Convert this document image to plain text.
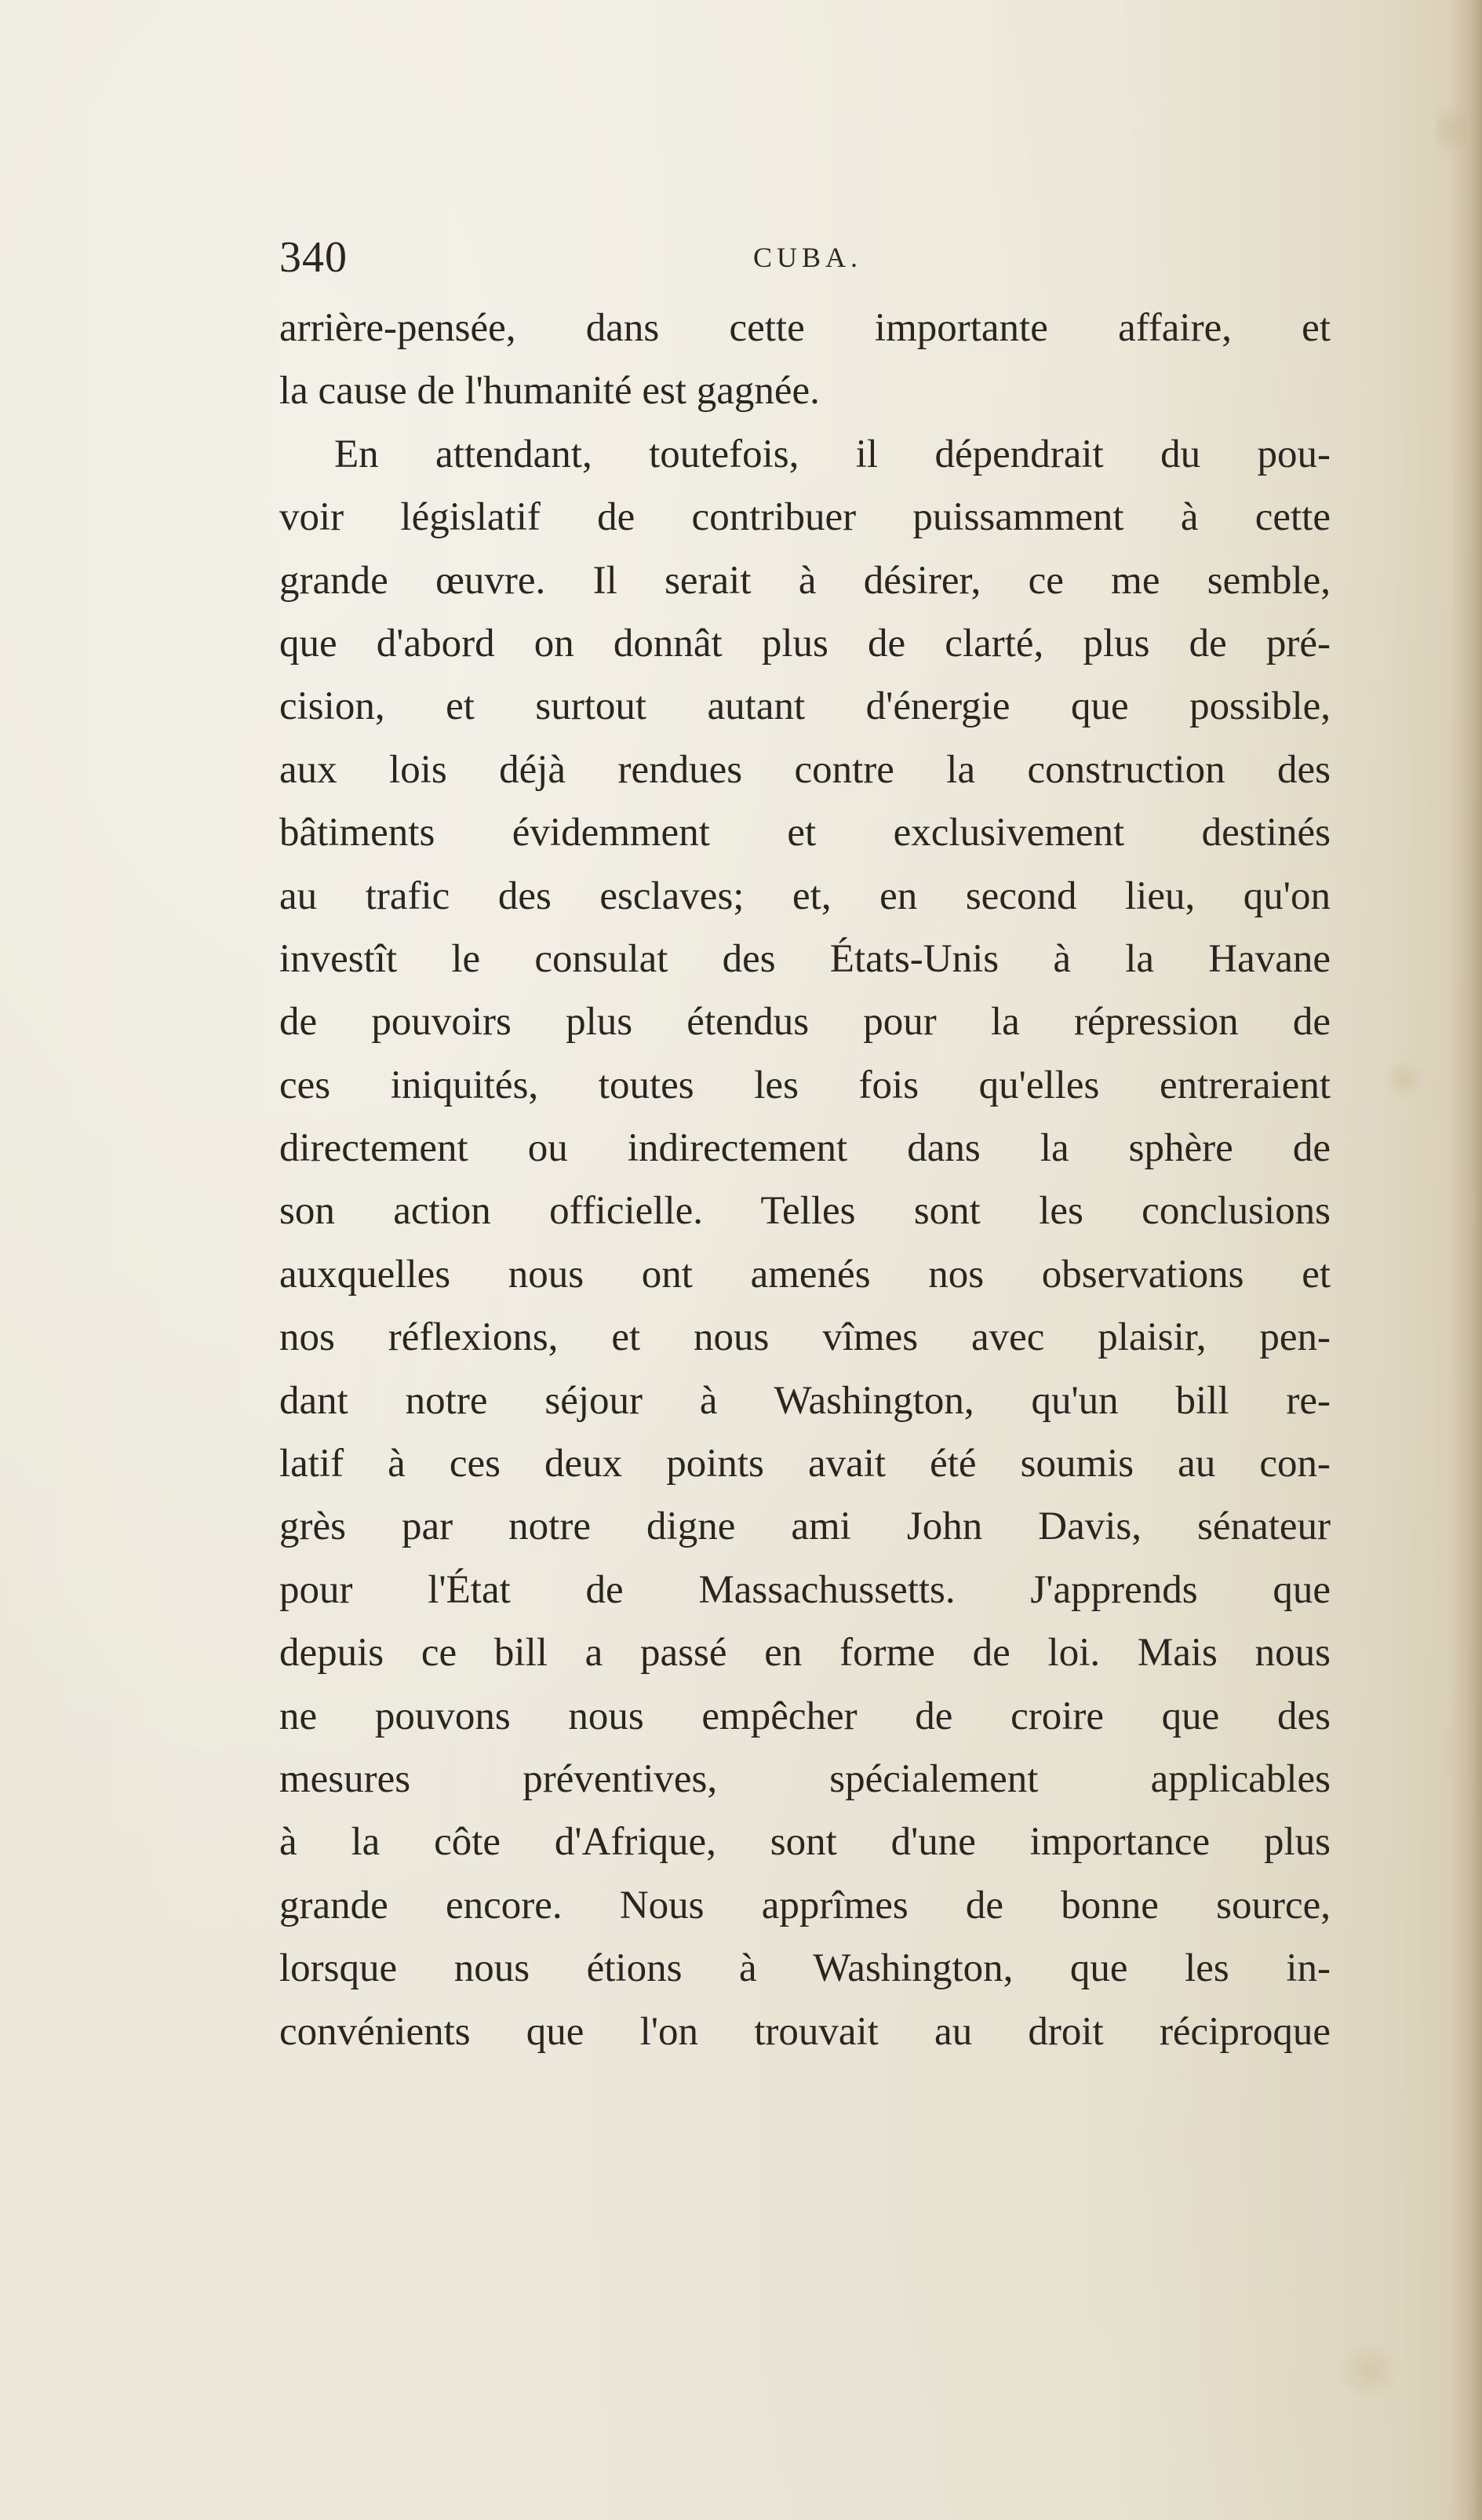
340	CUBA.
arrière-pensée, dans cette importante affaire, et
la cause de l'humanité est gagnée.
En attendant, toutefois, il dépendrait du pou-
voir législatif de contribuer puissamment à cette
grande œuvre. Il serait à désirer, ce me semble,
que d'abord on donnât plus de clarté, plus de pré-
cision, et surtout autant d'énergie que possible,
aux lois déjà rendues contre la construction des
bâtiments évidemment et exclusivement destinés
au trafic des esclaves; et, en second lieu, qu'on
investît le consulat des États-Unis à la Havane
de pouvoirs plus étendus pour la répression de
ces iniquités, toutes les fois qu'elles entreraient
directement ou indirectement dans la sphère de
son action officielle. Telles sont les conclusions
auxquelles nous ont amenés nos observations et
nos réflexions, et nous vîmes avec plaisir, pen-
dant notre séjour à Washington, qu'un bill re-
latif à ces deux points avait été soumis au con-
grès par notre digne ami John Davis, sénateur
pour l'État de Massachussetts. J'apprends que
depuis ce bill a passé en forme de loi. Mais nous
ne pouvons nous empêcher de croire que des
mesures préventives, spécialement applicables
à la côte d'Afrique, sont d'une importance plus
grande encore. Nous apprîmes de bonne source,
lorsque nous étions à Washington, que les in-
convénients que l'on trouvait au droit réciproque
